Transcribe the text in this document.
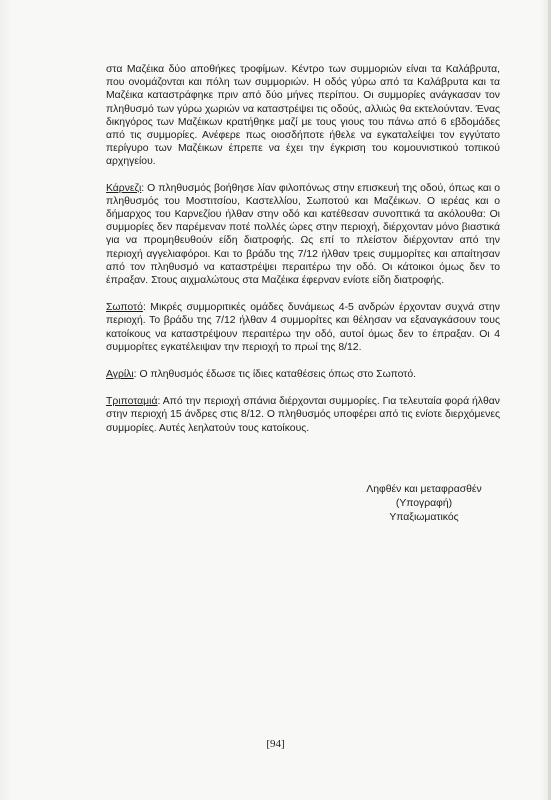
στα Μαζέικα δύο αποθήκες τροφίμων. Κέντρο των συμμοριών είναι τα Καλάβρυτα, που ονομάζονται και πόλη των συμμοριών. Η οδός γύρω από τα Καλάβρυτα και τα Μαζέικα καταστράφηκε πριν από δύο μήνες περίπου. Οι συμμορίες ανάγκασαν τον πληθυσμό των γύρω χωριών να καταστρέψει τις οδούς, αλλιώς θα εκτελούνταν. Ένας δικηγόρος των Μαζέικων κρατήθηκε μαζί με τους γιους του πάνω από 6 εβδομάδες από τις συμμορίες. Ανέφερε πως οιοσδήποτε ήθελε να εγκαταλείψει τον εγγύτατο περίγυρο των Μαζέικων έπρεπε να έχει την έγκριση του κομουνιστικού τοπικού αρχηγείου.

Κάρνεζι: Ο πληθυσμός βοήθησε λίαν φιλοπόνως στην επισκευή της οδού, όπως και ο πληθυσμός του Μοστιτσίου, Καστελλίου, Σωποτού και Μαζέικων. Ο ιερέας και ο δήμαρχος του Καρνεζίου ήλθαν στην οδό και κατέθεσαν συνοπτικά τα ακόλουθα: Οι συμμορίες δεν παρέμεναν ποτέ πολλές ώρες στην περιοχή, διέρχονταν μόνο βιαστικά για να προμηθευθούν είδη διατροφής. Ως επί το πλείστον διέρχονταν από την περιοχή αγγελιαφόροι. Και το βράδυ της 7/12 ήλθαν τρεις συμμορίτες και απαίτησαν από τον πληθυσμό να καταστρέψει περαιτέρω την οδό. Οι κάτοικοι όμως δεν το έπραξαν. Στους αιχμαλώτους στα Μαζέικα έφερναν ενίοτε είδη διατροφής.

Σωποτό: Μικρές συμμοριτικές ομάδες δυνάμεως 4-5 ανδρών έρχονταν συχνά στην περιοχή. Το βράδυ της 7/12 ήλθαν 4 συμμορίτες και θέλησαν να εξαναγκάσουν τους κατοίκους να καταστρέψουν περαιτέρω την οδό, αυτοί όμως δεν το έπραξαν. Οι 4 συμμορίτες εγκατέλειψαν την περιοχή το πρωί της 8/12.

Αγρίλι: Ο πληθυσμός έδωσε τις ίδιες καταθέσεις όπως στο Σωποτό.

Τριποταμιά: Από την περιοχή σπάνια διέρχονται συμμορίες. Για τελευταία φορά ήλθαν στην περιοχή 15 άνδρες στις 8/12. Ο πληθυσμός υποφέρει από τις ενίοτε διερχόμενες συμμορίες. Αυτές λεηλατούν τους κατοίκους.

Ληφθέν και μεταφρασθέν
(Υπογραφή)
Υπαξιωματικός
[94]
